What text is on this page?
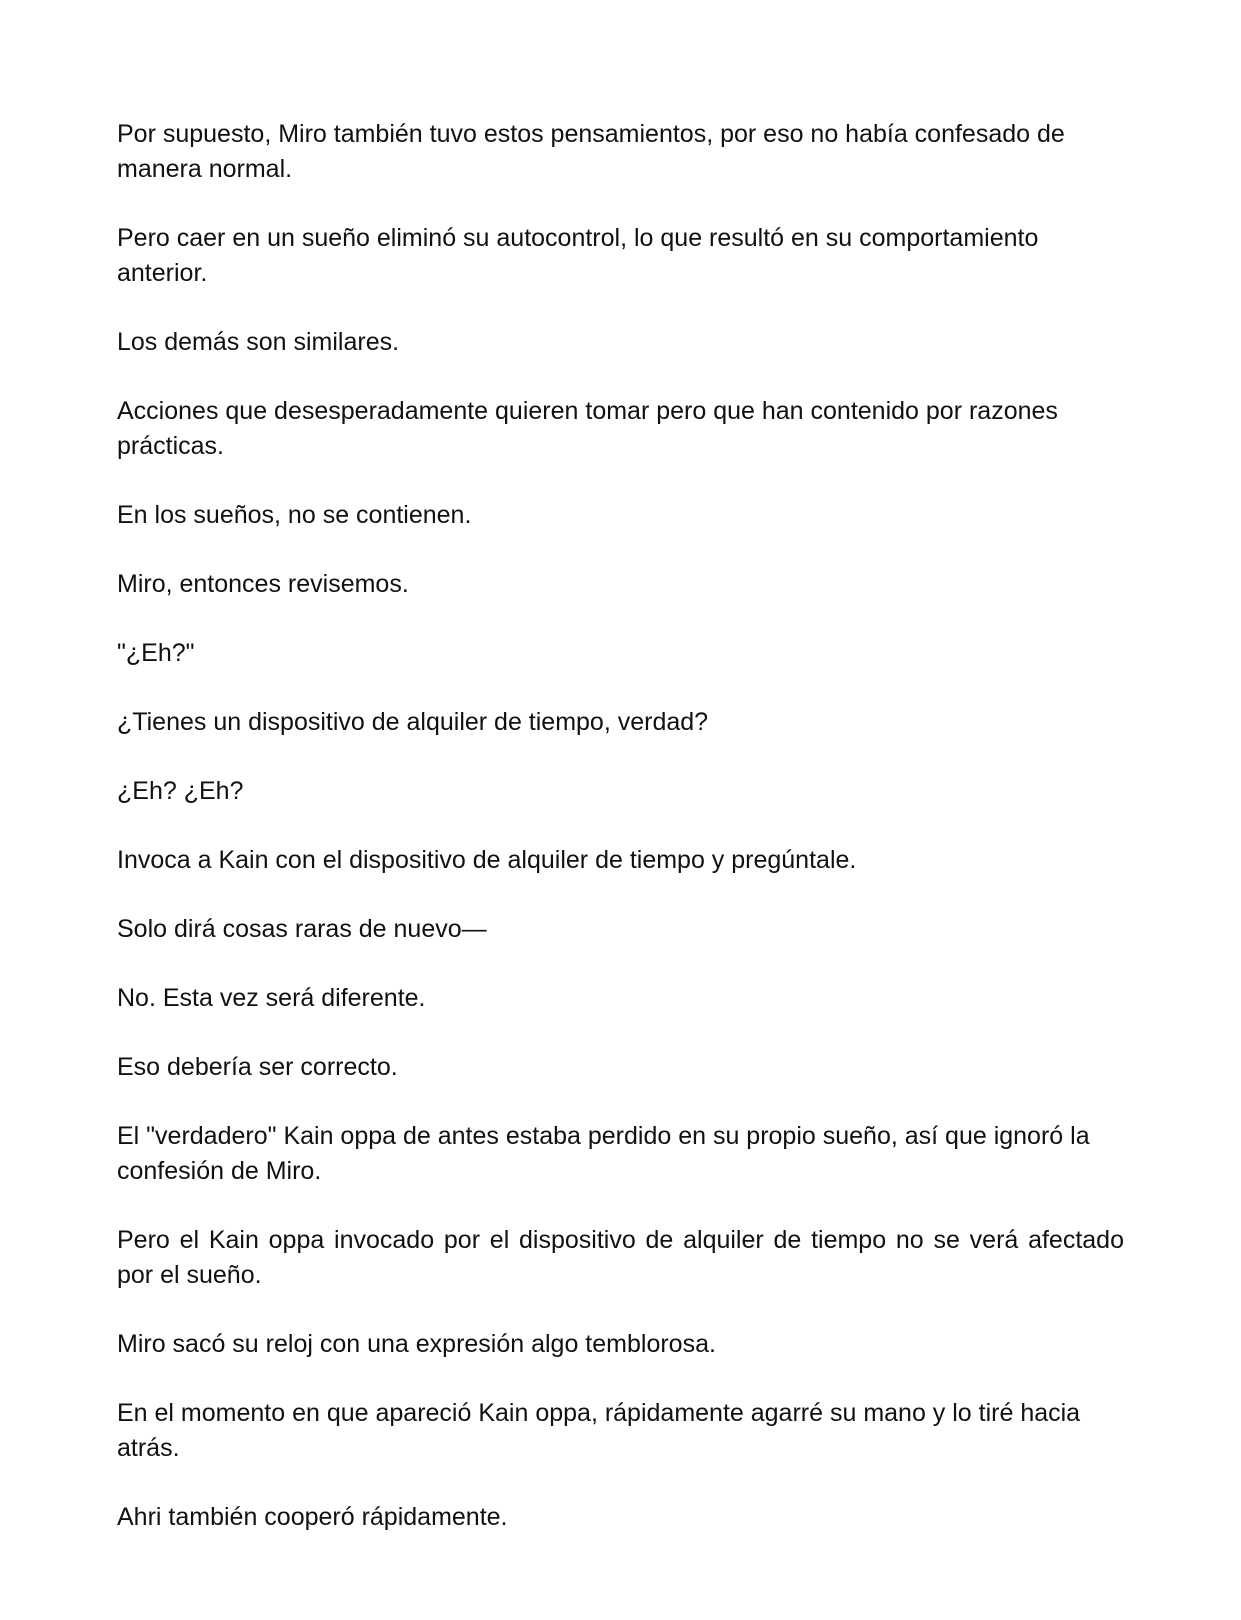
Por supuesto, Miro también tuvo estos pensamientos, por eso no había confesado de manera normal.

Pero caer en un sueño eliminó su autocontrol, lo que resultó en su comportamiento anterior.

Los demás son similares.

Acciones que desesperadamente quieren tomar pero que han contenido por razones prácticas.

En los sueños, no se contienen.

Miro, entonces revisemos.

"¿Eh?"

¿Tienes un dispositivo de alquiler de tiempo, verdad?

¿Eh? ¿Eh?

Invoca a Kain con el dispositivo de alquiler de tiempo y pregúntale.

Solo dirá cosas raras de nuevo—

No. Esta vez será diferente.

Eso debería ser correcto.

El "verdadero" Kain oppa de antes estaba perdido en su propio sueño, así que ignoró la confesión de Miro.

Pero el Kain oppa invocado por el dispositivo de alquiler de tiempo no se verá afectado por el sueño.

Miro sacó su reloj con una expresión algo temblorosa.

En el momento en que apareció Kain oppa, rápidamente agarré su mano y lo tiré hacia atrás.

Ahri también cooperó rápidamente.
